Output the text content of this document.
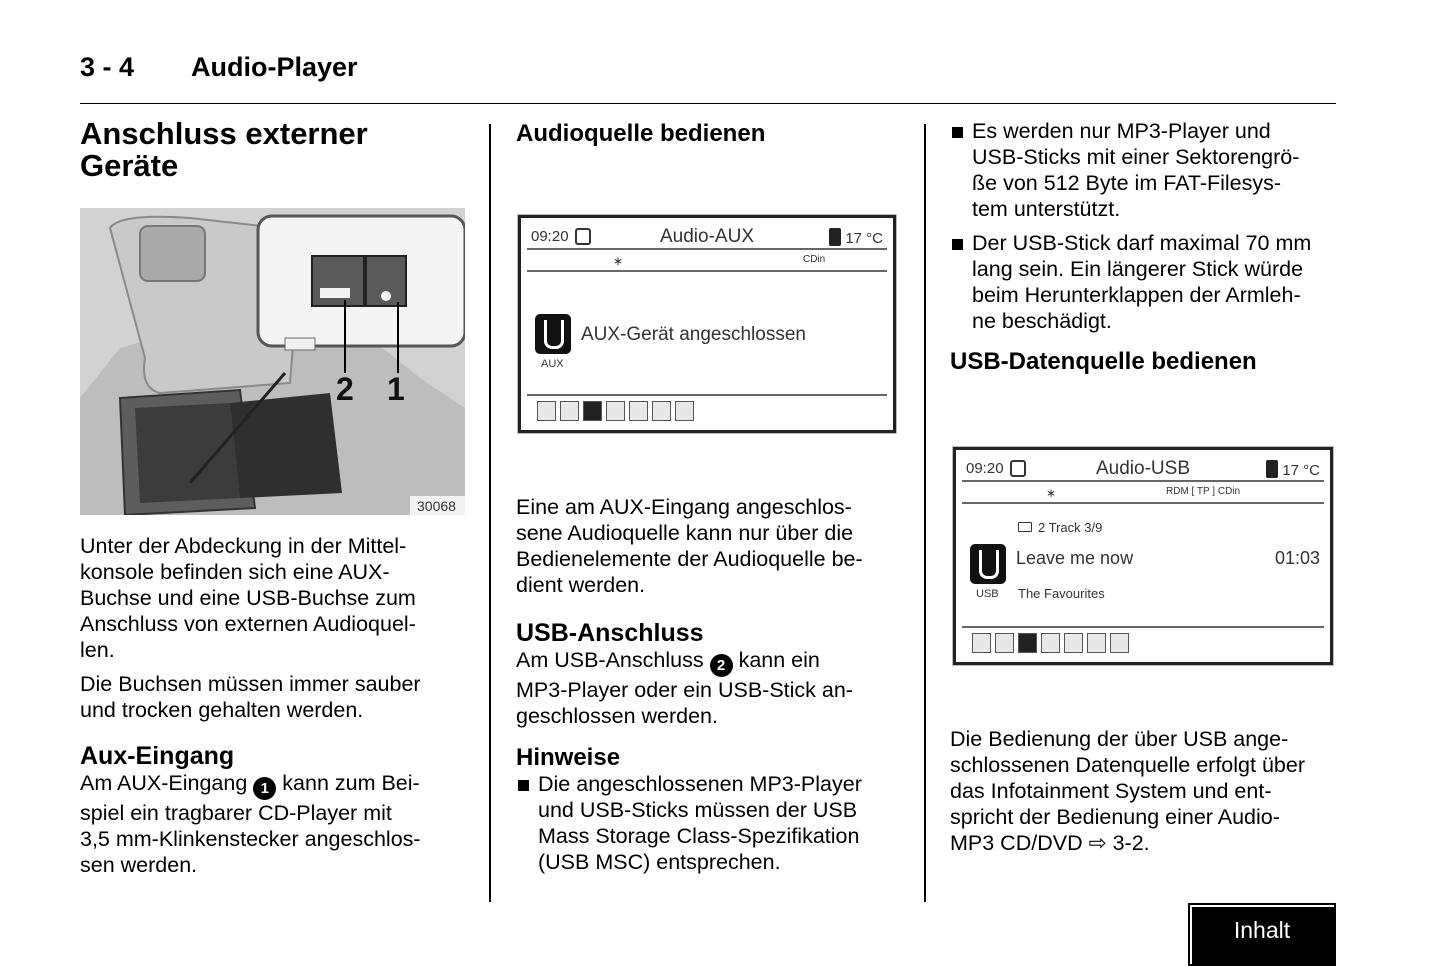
3 - 4 Audio-Player
Anschluss externer
Geräte
2 1
30068

Unter der Abdeckung in der Mittel-
konsole befinden sich eine AUX-
Buchse und eine USB-Buchse zum
Anschluss von externen Audioquel-
len.

Die Buchsen müssen immer sauber
und trocken gehalten werden.

Aux-Eingang

Am AUX-Eingang 1 kann zum Bei-
spiel ein tragbarer CD-Player mit
3,5 mm-Klinkenstecker angeschlos-
sen werden.

Audioquelle bedienen
09:20	Audio-AUX	17 °C
∗	CDin
AUX
AUX-Gerät angeschlossen

Eine am AUX-Eingang angeschlos-
sene Audioquelle kann nur über die
Bedienelemente der Audioquelle be-
dient werden.

USB-Anschluss

Am USB-Anschluss 2 kann ein
MP3-Player oder ein USB-Stick an-
geschlossen werden.

Hinweise
Die angeschlossenen MP3-Player
und USB-Sticks müssen der USB
Mass Storage Class-Spezifikation
(USB MSC) entsprechen.
Es werden nur MP3-Player und
USB-Sticks mit einer Sektorengrö-
ße von 512 Byte im FAT-Filesys-
tem unterstützt.
Der USB-Stick darf maximal 70 mm
lang sein. Ein längerer Stick würde
beim Herunterklappen der Armleh-
ne beschädigt.
USB-Datenquelle bedienen
09:20	Audio-USB	17 °C
∗	RDM [ TP ] CDin
2 Track 3/9
USB
Leave me now	01:03
The Favourites

Die Bedienung der über USB ange-
schlossenen Datenquelle erfolgt über
das Infotainment System und ent-
spricht der Bedienung einer Audio-
MP3 CD/DVD ⇨ 3-2.

Inhalt
